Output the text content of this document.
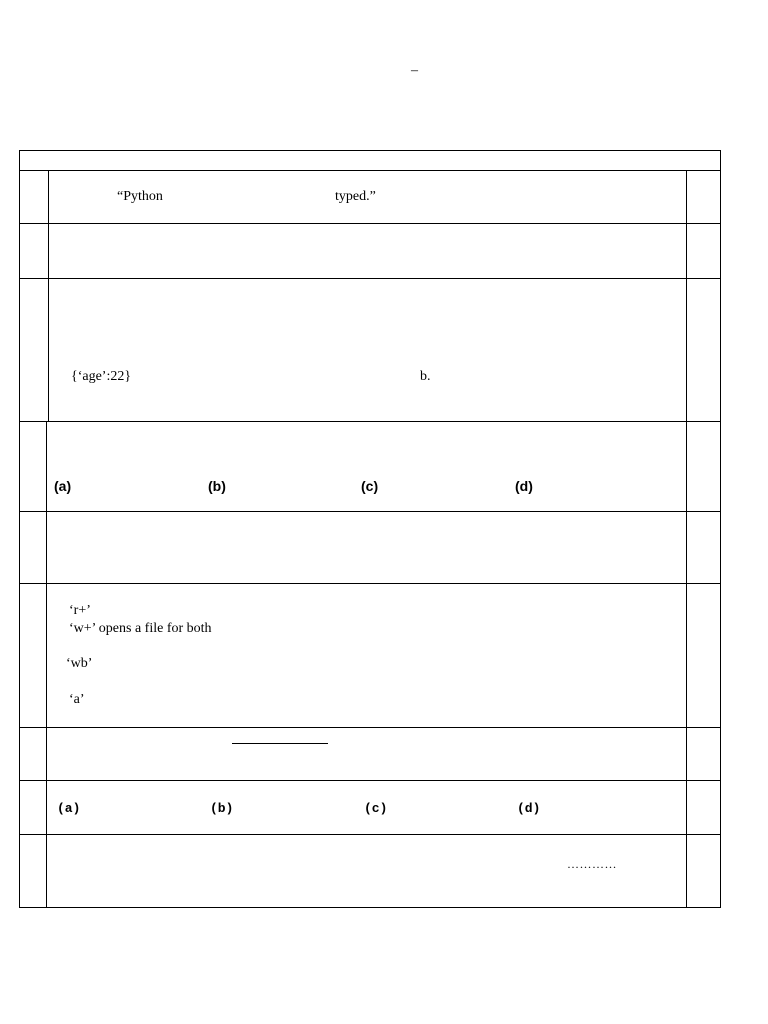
–
“Python	typed.”
{‘age’:22}	b.
(a)	(b)	(c)	(d)
‘r+’
‘w+’ opens a file for both
‘wb’
‘a’
(a)	(b)	(c)	(d)
…………
